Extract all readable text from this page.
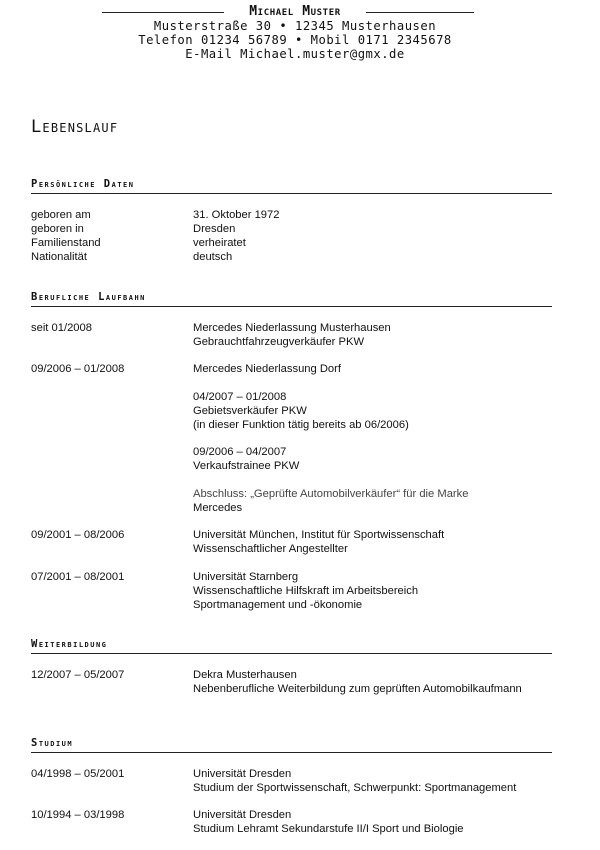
Michael Muster
Musterstraße 30 • 12345 Musterhausen
Telefon 01234 56789 • Mobil 0171 2345678
E-Mail Michael.muster@gmx.de
Lebenslauf
Persönliche Daten
geboren am	31. Oktober 1972
geboren in	Dresden
Familienstand	verheiratet
Nationalität	deutsch
Berufliche Laufbahn
seit 01/2008	Mercedes Niederlassung Musterhausen
Gebrauchtfahrzeugverkäufer PKW
09/2006 – 01/2008	Mercedes Niederlassung Dorf
04/2007 – 01/2008
Gebietsverkäufer PKW
(in dieser Funktion tätig bereits ab 06/2006)
09/2006 – 04/2007
Verkaufstrainee PKW
Abschluss: „Geprüfte Automobilverkäufer“ für die Marke
Mercedes
09/2001 – 08/2006	Universität München, Institut für Sportwissenschaft
Wissenschaftlicher Angestellter
07/2001 – 08/2001	Universität Starnberg
Wissenschaftliche Hilfskraft im Arbeitsbereich
Sportmanagement und -ökonomie
Weiterbildung
12/2007 – 05/2007	Dekra Musterhausen
Nebenberufliche Weiterbildung zum geprüften Automobilkaufmann
Studium
04/1998 – 05/2001	Universität Dresden
Studium der Sportwissenschaft, Schwerpunkt: Sportmanagement
10/1994 – 03/1998	Universität Dresden
Studium Lehramt Sekundarstufe II/I Sport und Biologie
